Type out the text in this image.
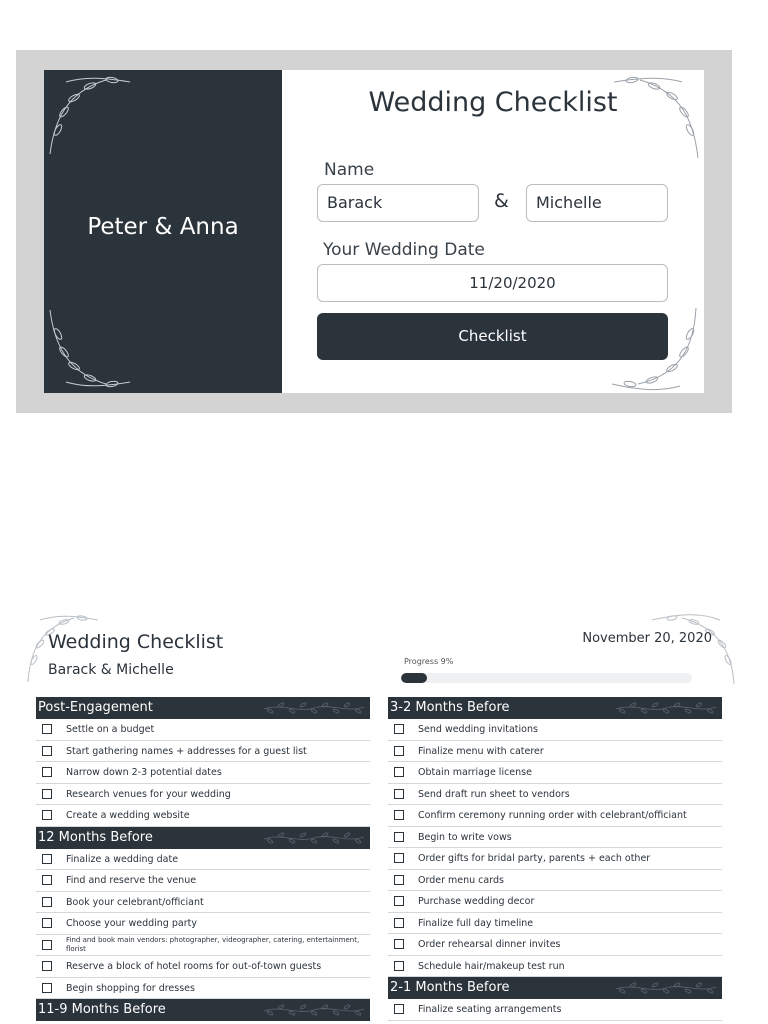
Peter & Anna
Wedding Checklist
Name
Barack	&	Michelle
Your Wedding Date
11/20/2020
Checklist
Wedding Checklist
Barack & Michelle
November 20, 2020
Progress 9%
Post-Engagement
Settle on a budget
Start gathering names + addresses for a guest list
Narrow down 2-3 potential dates
Research venues for your wedding
Create a wedding website
12 Months Before
Finalize a wedding date
Find and reserve the venue
Book your celebrant/officiant
Choose your wedding party
Find and book main vendors: photographer, videographer, catering, entertainment, florist
Reserve a block of hotel rooms for out-of-town guests
Begin shopping for dresses
11-9 Months Before
3-2 Months Before
Send wedding invitations
Finalize menu with caterer
Obtain marriage license
Send draft run sheet to vendors
Confirm ceremony running order with celebrant/officiant
Begin to write vows
Order gifts for bridal party, parents + each other
Order menu cards
Purchase wedding decor
Finalize full day timeline
Order rehearsal dinner invites
Schedule hair/makeup test run
2-1 Months Before
Finalize seating arrangements
